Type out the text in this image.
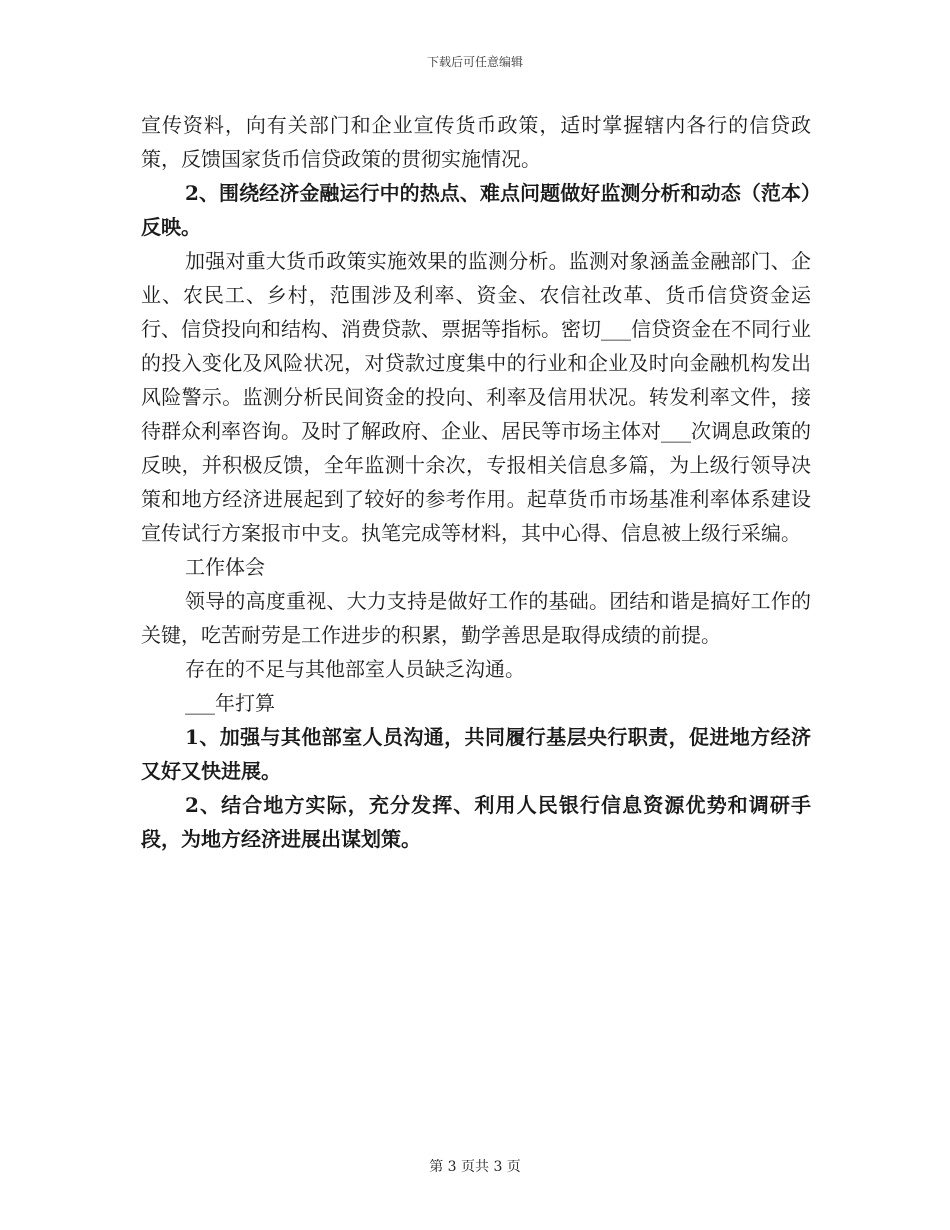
下载后可任意编辑

宣传资料，向有关部门和企业宣传货币政策，适时掌握辖内各行的信贷政策，反馈国家货币信贷政策的贯彻实施情况。

2、围绕经济金融运行中的热点、难点问题做好监测分析和动态（范本）反映。

加强对重大货币政策实施效果的监测分析。监测对象涵盖金融部门、企业、农民工、乡村，范围涉及利率、资金、农信社改革、货币信贷资金运行、信贷投向和结构、消费贷款、票据等指标。密切___信贷资金在不同行业的投入变化及风险状况，对贷款过度集中的行业和企业及时向金融机构发出风险警示。监测分析民间资金的投向、利率及信用状况。转发利率文件，接待群众利率咨询。及时了解政府、企业、居民等市场主体对___次调息政策的反映，并积极反馈，全年监测十余次，专报相关信息多篇，为上级行领导决策和地方经济进展起到了较好的参考作用。起草货币市场基准利率体系建设宣传试行方案报市中支。执笔完成等材料，其中心得、信息被上级行采编。

工作体会

领导的高度重视、大力支持是做好工作的基础。团结和谐是搞好工作的关键，吃苦耐劳是工作进步的积累，勤学善思是取得成绩的前提。

存在的不足与其他部室人员缺乏沟通。

___年打算

1、加强与其他部室人员沟通，共同履行基层央行职责，促进地方经济又好又快进展。

2、结合地方实际，充分发挥、利用人民银行信息资源优势和调研手段，为地方经济进展出谋划策。

第 3 页共 3 页
